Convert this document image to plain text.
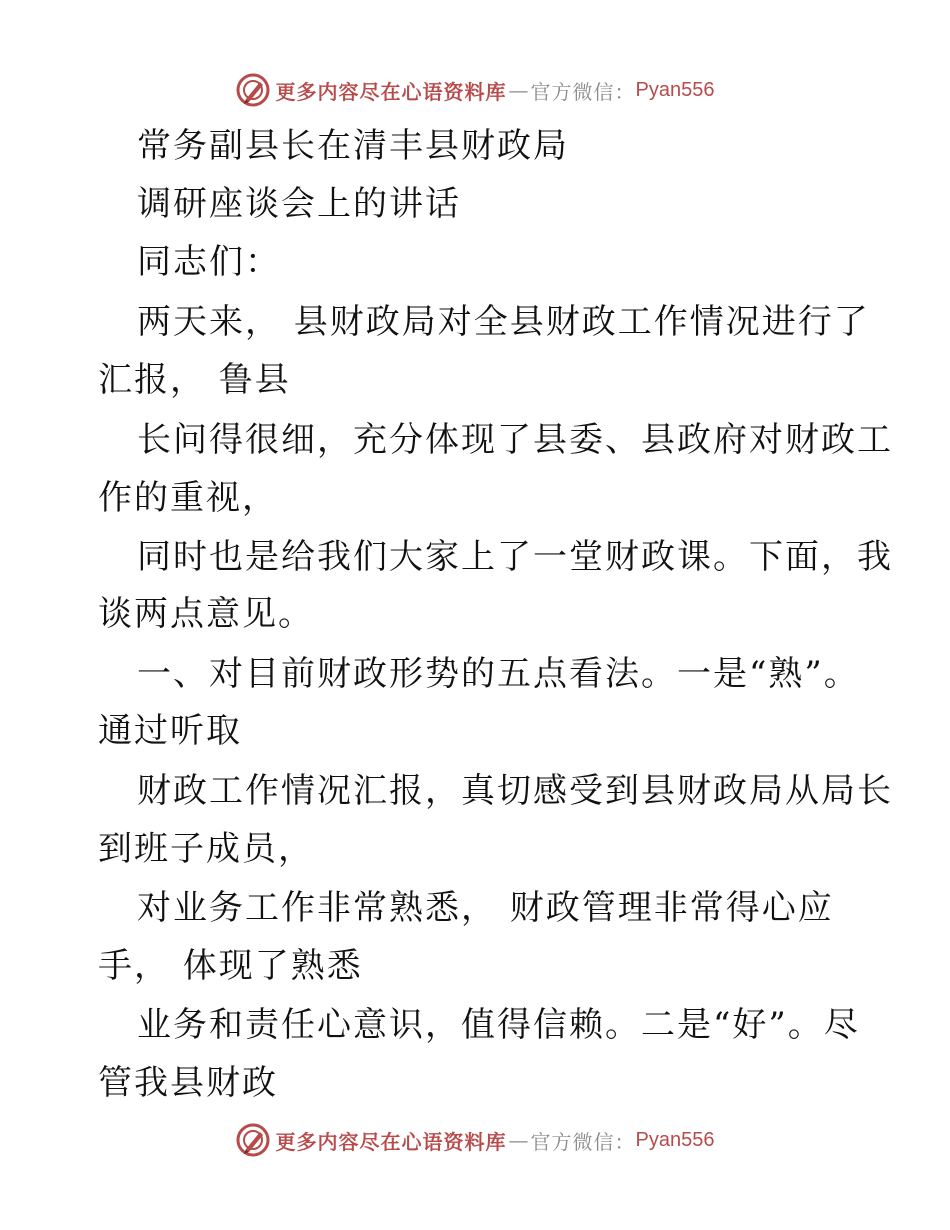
更多内容尽在心语资料库 — 官方微信： Pyan556
常务副县长在清丰县财政局
调研座谈会上的讲话
同志们：
两天来， 县财政局对全县财政工作情况进行了
汇报， 鲁县
长问得很细，充分体现了县委、县政府对财政工
作的重视，
同时也是给我们大家上了一堂财政课。下面，我
谈两点意见。
一、对目前财政形势的五点看法。一是“熟”。
通过听取
财政工作情况汇报，真切感受到县财政局从局长
到班子成员，
对业务工作非常熟悉， 财政管理非常得心应
手， 体现了熟悉
业务和责任心意识，值得信赖。二是“好”。尽
管我县财政
更多内容尽在心语资料库 — 官方微信： Pyan556
